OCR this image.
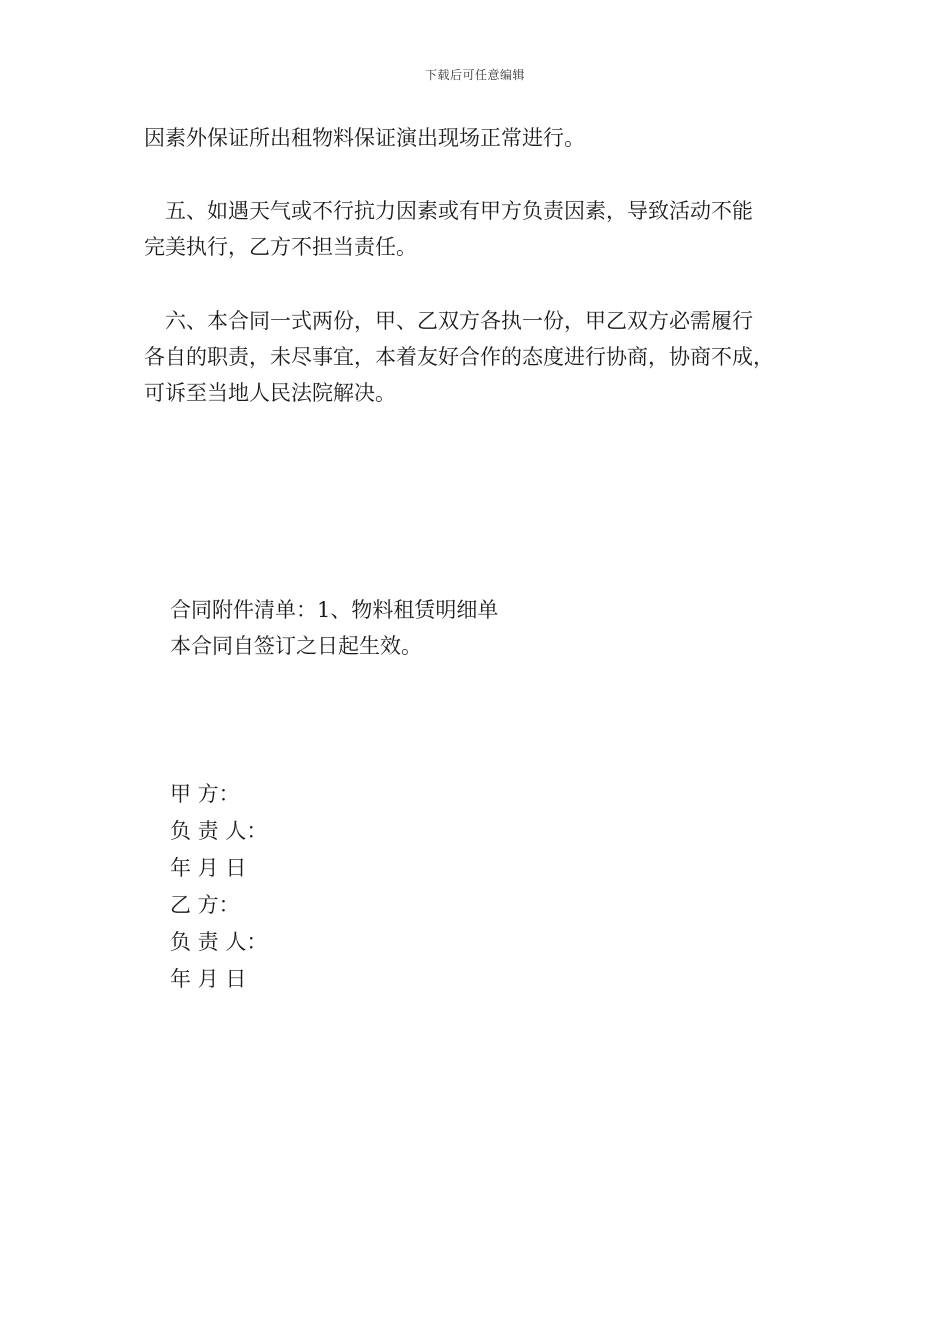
下载后可任意编辑
因素外保证所出租物料保证演出现场正常进行。
　五、如遇天气或不行抗力因素或有甲方负责因素，导致活动不能
完美执行，乙方不担当责任。
　六、本合同一式两份，甲、乙双方各执一份，甲乙双方必需履行
各自的职责，未尽事宜，本着友好合作的态度进行协商，协商不成，
可诉至当地人民法院解决。
合同附件清单：1、物料租赁明细单
本合同自签订之日起生效。
甲 方：
负 责 人：
年 月 日
乙 方：
负 责 人：
年 月 日
